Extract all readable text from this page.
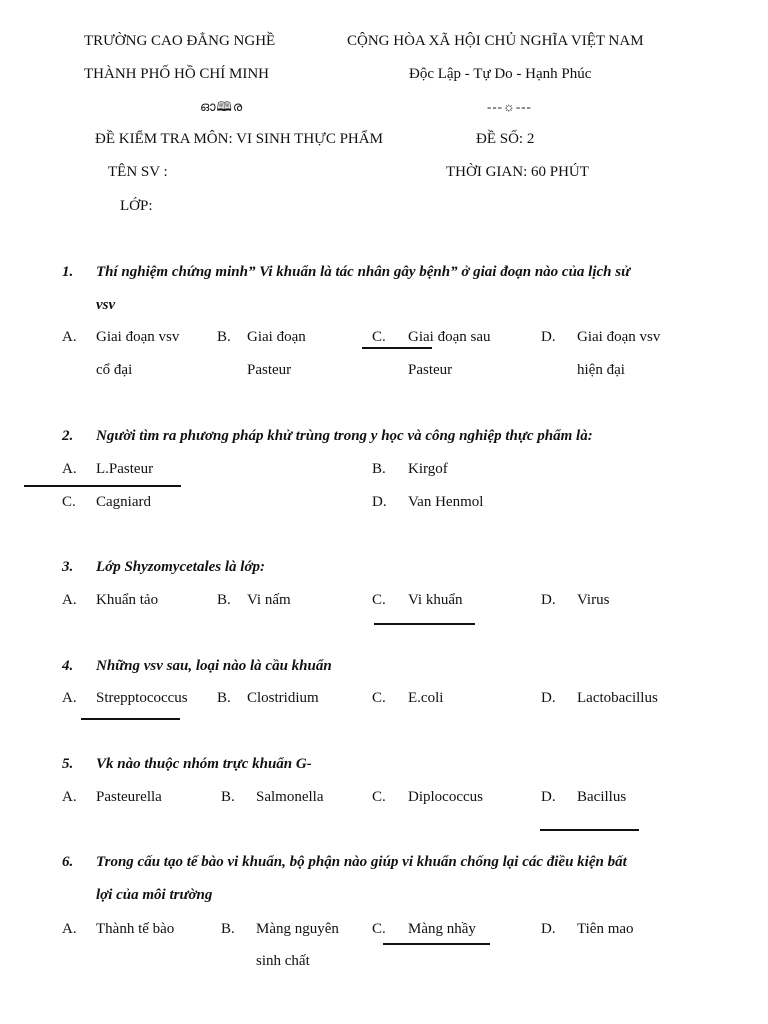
TRƯỜNG CAO ĐẲNG NGHỀ
THÀNH PHỐ HỒ CHÍ MINH
ഓ🕮ര
CỘNG HÒA XÃ HỘI CHỦ NGHĨA VIỆT NAM
Độc Lập - Tự Do - Hạnh Phúc
---☼---
ĐỀ KIỂM TRA MÔN: VI SINH THỰC PHẨM	ĐỀ SỐ: 2
TÊN SV :	THỜI GIAN: 60 PHÚT
LỚP:
1. Thí nghiệm chứng minh” Vi khuẩn là tác nhân gây bệnh” ở giai đoạn nào của lịch sử
vsv
A. Giai đoạn vsv
cổ đại
B. Giai đoạn
Pasteur
C. Giai đoạn sau
Pasteur
D. Giai đoạn vsv
hiện đại
2. Người tìm ra phương pháp khử trùng trong y học và công nghiệp thực phẩm là:
A. L.Pasteur	B. Kirgof
C. Cagniard	D. Van Henmol
3. Lớp Shyzomycetales là lớp:
A. Khuẩn tảo	B. Vi nấm	C. Vi khuẩn	D. Virus
4. Những vsv sau, loại nào là cầu khuẩn
A. Strepptococcus B. Clostridium	C. E.coli	D. Lactobacillus
5. Vk nào thuộc nhóm trực khuẩn G-
A. Pasteurella	B. Salmonella	C. Diplococcus	D. Bacillus
6. Trong cấu tạo tế bào vi khuẩn, bộ phận nào giúp vi khuẩn chống lại các điều kiện bất
lợi của môi trường
A. Thành tế bào	B. Màng nguyên
sinh chất
C. Màng nhầy	D. Tiên mao
